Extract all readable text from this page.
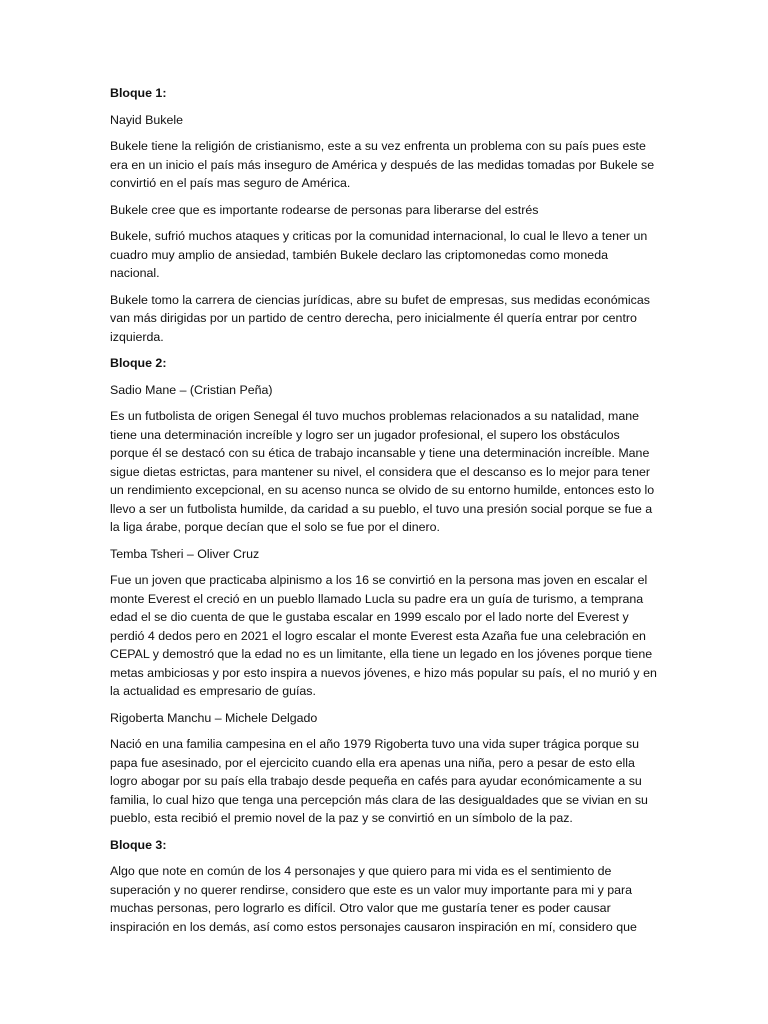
Bloque 1:

Nayid Bukele

Bukele tiene la religión de cristianismo, este a su vez enfrenta un problema con su país pues este era en un inicio el país más inseguro de América y después de las medidas tomadas por Bukele se convirtió en el país mas seguro de América.

Bukele cree que es importante rodearse de personas para liberarse del estrés

Bukele, sufrió muchos ataques y criticas por la comunidad internacional, lo cual le llevo a tener un cuadro muy amplio de ansiedad, también Bukele declaro las criptomonedas como moneda nacional.

Bukele tomo la carrera de ciencias jurídicas, abre su bufet de empresas, sus medidas económicas van más dirigidas por un partido de centro derecha, pero inicialmente él quería entrar por centro izquierda.

Bloque 2:

Sadio Mane – (Cristian Peña)

Es un futbolista de origen Senegal él tuvo muchos problemas relacionados a su natalidad, mane tiene una determinación increíble y logro ser un jugador profesional, el supero los obstáculos porque él se destacó con su ética de trabajo incansable y tiene una determinación increíble. Mane sigue dietas estrictas, para mantener su nivel, el considera que el descanso es lo mejor para tener un rendimiento excepcional, en su acenso nunca se olvido de su entorno humilde, entonces esto lo llevo a ser un futbolista humilde, da caridad a su pueblo, el tuvo una presión social porque se fue a la liga árabe, porque decían que el solo se fue por el dinero.

Temba Tsheri – Oliver Cruz

Fue un joven que practicaba alpinismo a los 16 se convirtió en la persona mas joven en escalar el monte Everest el creció en un pueblo llamado Lucla su padre era un guía de turismo, a temprana edad el se dio cuenta de que le gustaba escalar en 1999 escalo por el lado norte del Everest y perdió 4 dedos pero en 2021 el logro escalar el monte Everest esta Azaña fue una celebración en CEPAL y demostró que la edad no es un limitante, ella tiene un legado en los jóvenes porque tiene metas ambiciosas y por esto inspira a nuevos jóvenes, e hizo más popular su país, el no murió y en la actualidad es empresario de guías.

Rigoberta Manchu – Michele Delgado

Nació en una familia campesina en el año 1979 Rigoberta tuvo una vida super trágica porque su papa fue asesinado, por el ejercicito cuando ella era apenas una niña, pero a pesar de esto ella logro abogar por su país ella trabajo desde pequeña en cafés para ayudar económicamente a su familia, lo cual hizo que tenga una percepción más clara de las desigualdades que se vivian en su pueblo, esta recibió el premio novel de la paz y se convirtió en un símbolo de la paz.

Bloque 3:

Algo que note en común de los 4 personajes y que quiero para mi vida es el sentimiento de superación y no querer rendirse, considero que este es un valor muy importante para mi y para muchas personas, pero lograrlo es difícil. Otro valor que me gustaría tener es poder causar inspiración en los demás, así como estos personajes causaron inspiración en mí, considero que
